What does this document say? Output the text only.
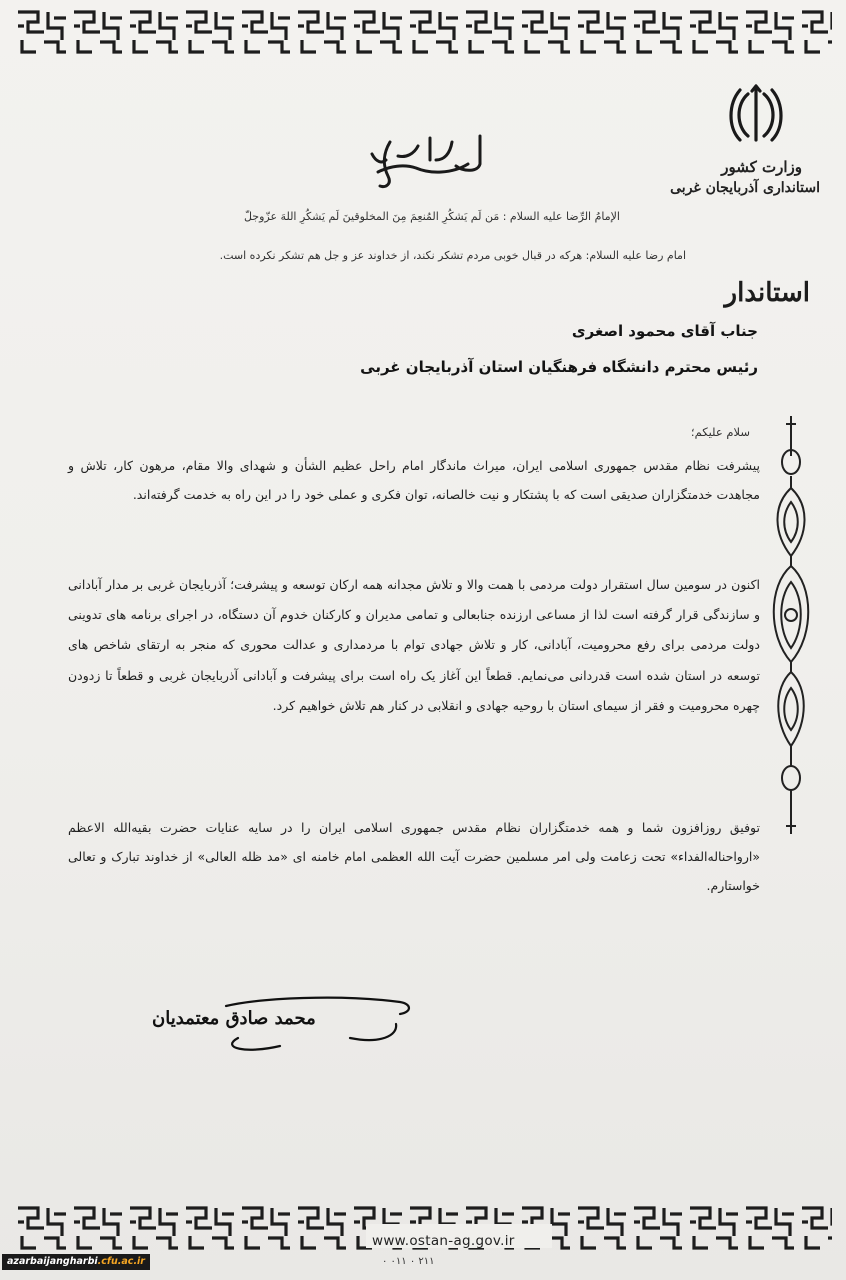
وزارت کشور
استانداری آذربایجان غربی
استاندار
الإمامُ الرِّضا علیه السلام : مَن لَم یَشکُرِ المُنعِمَ مِنَ المخلوقینَ لَم یَشکُرِ اللهَ عزّوجلّ
امام رضا علیه السلام: هرکه در قبال خوبی مردم تشکر نکند، از خداوند عز و جل هم تشکر نکرده است.
جناب آقای محمود اصغری
رئیس محترم دانشگاه فرهنگیان استان آذربایجان غربی
سلام علیکم؛

پیشرفت نظام مقدس جمهوری اسلامی ایران، میراث ماندگار امام راحل عظیم الشأن و شهدای والا مقام، مرهون کار، تلاش و مجاهدت خدمتگزاران صدیقی است که با پشتکار و نیت خالصانه، توان فکری و عملی خود را در این راه به خدمت گرفته‌اند.

اکنون در سومین سال استقرار دولت مردمی با همت والا و تلاش مجدانه همه ارکان توسعه و پیشرفت؛ آذربایجان غربی بر مدار آبادانی و سازندگی قرار گرفته است لذا از مساعی ارزنده جنابعالی و تمامی مدیران و کارکنان خدوم آن دستگاه، در اجرای برنامه های تدوینی دولت مردمی برای رفع محرومیت، آبادانی، کار و تلاش جهادی توام با مردمداری و عدالت محوری که منجر به ارتقای شاخص های توسعه در استان شده است قدردانی می‌نمایم. قطعاً این آغاز یک راه است برای پیشرفت و آبادانی آذربایجان غربی و قطعاً تا زدودن چهره محرومیت و فقر از سیمای استان با روحیه جهادی و انقلابی در کنار هم تلاش خواهیم کرد.

توفیق روزافزون شما و همه خدمتگزاران نظام مقدس جمهوری اسلامی ایران را در سایه عنایات حضرت بقیه‌الله الاعظم «ارواحنا‌له‌الفداء» تحت زعامت ولی امر مسلمین حضرت آیت الله العظمی امام خامنه ای «مد ظله العالی» از خداوند تبارک و تعالی خواستارم.

محمد صادق معتمدیان
www.ostan-ag.gov.ir
۰ ۰۱۱ ۰ ۲۱۱
azarbaijangharbi.cfu.ac.ir
